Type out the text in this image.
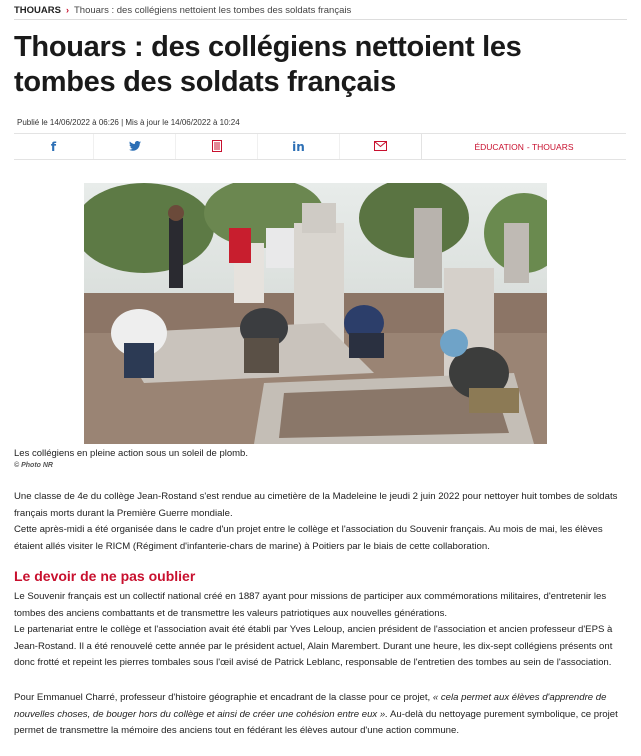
THOUARS › Thouars : des collégiens nettoient les tombes des soldats français
Thouars : des collégiens nettoient les tombes des soldats français
Publié le 14/06/2022 à 06:26 | Mis à jour le 14/06/2022 à 10:24
f	in	ÉDUCATION - THOUARS
Les collégiens en pleine action sous un soleil de plomb.
© Photo NR

Une classe de 4e du collège Jean-Rostand s'est rendue au cimetière de la Madeleine le jeudi 2 juin 2022 pour nettoyer huit tombes de soldats français morts durant la Première Guerre mondiale.

Cette après-midi a été organisée dans le cadre d'un projet entre le collège et l'association du Souvenir français. Au mois de mai, les élèves étaient allés visiter le RICM (Régiment d'infanterie-chars de marine) à Poitiers par le biais de cette collaboration.

Le devoir de ne pas oublier

Le Souvenir français est un collectif national créé en 1887 ayant pour missions de participer aux commémorations militaires, d'entretenir les tombes des anciens combattants et de transmettre les valeurs patriotiques aux nouvelles générations.

Le partenariat entre le collège et l'association avait été établi par Yves Leloup, ancien président de l'association et ancien professeur d'EPS à Jean-Rostand. Il a été renouvelé cette année par le président actuel, Alain Marembert. Durant une heure, les dix-sept collégiens présents ont donc frotté et repeint les pierres tombales sous l'œil avisé de Patrick Leblanc, responsable de l'entretien des tombes au sein de l'association.

Pour Emmanuel Charré, professeur d'histoire géographie et encadrant de la classe pour ce projet, « cela permet aux élèves d'apprendre de nouvelles choses, de bouger hors du collège et ainsi de créer une cohésion entre eux ». Au-delà du nettoyage purement symbolique, ce projet permet de transmettre la mémoire des anciens tout en fédérant les élèves autour d'une action commune.
